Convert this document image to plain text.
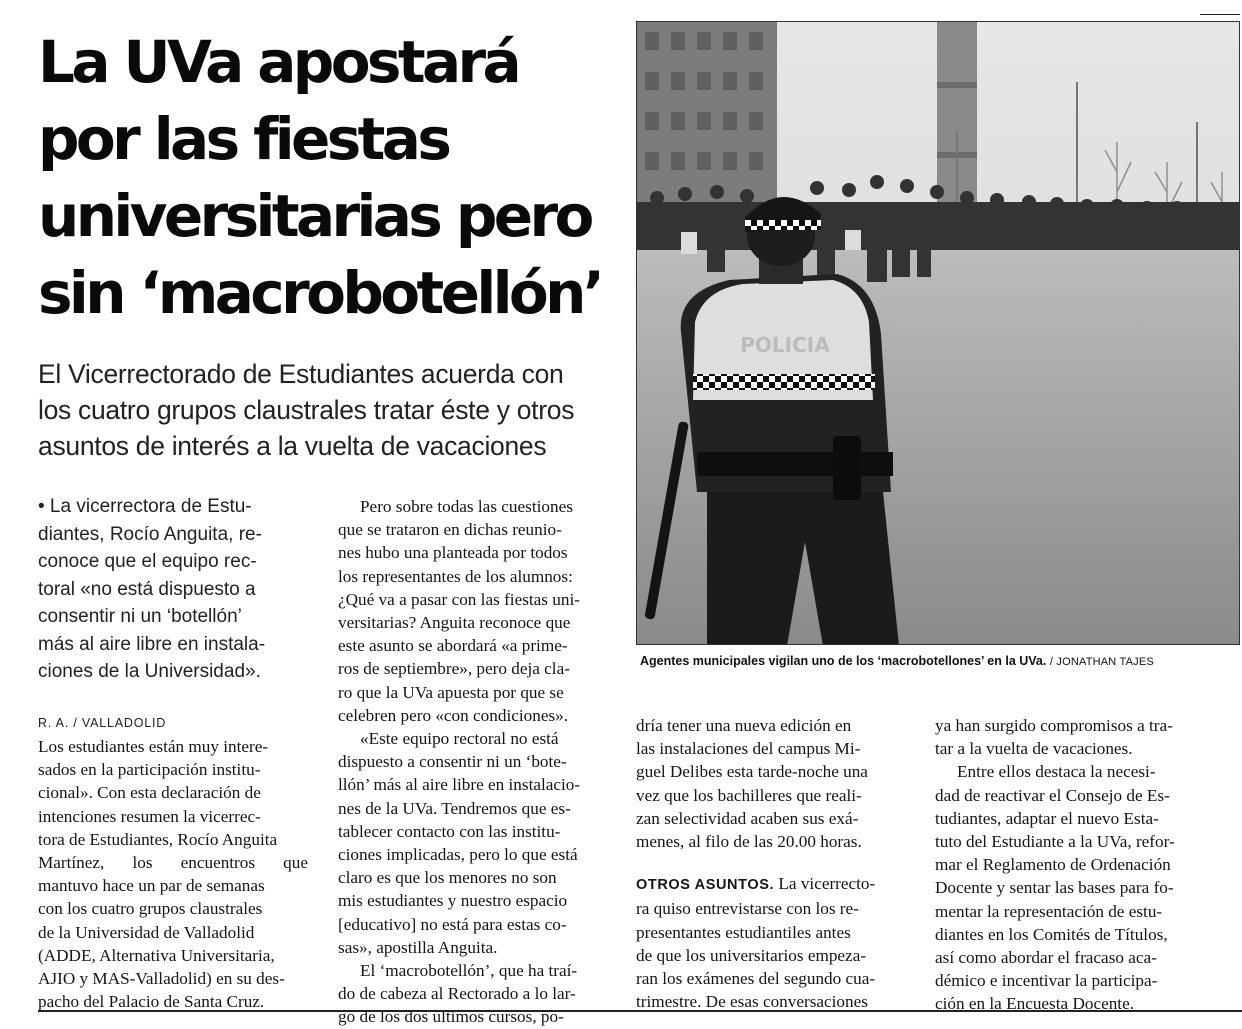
La UVa apostará
por las fiestas
universitarias pero
sin ‘macrobotellón’
El Vicerrectorado de Estudiantes acuerda con
los cuatro grupos claustrales tratar éste y otros
asuntos de interés a la vuelta de vacaciones
POLICIA
Agentes municipales vigilan uno de los ‘macrobotellones’ en la UVa. / JONATHAN TAJES
• La vicerrectora de Estu-
diantes, Rocío Anguita, re-
conoce que el equipo rec-
toral «no está dispuesto a
consentir ni un ‘botellón’
más al aire libre en instala-
ciones de la Universidad».
R. A. / VALLADOLID
Los estudiantes están muy intere-
sados en la participación institu-
cional». Con esta declaración de
intenciones resumen la vicerrec-
tora de Estudiantes, Rocío Anguita
Martínez, los encuentros que
mantuvo hace un par de semanas
con los cuatro grupos claustrales
de la Universidad de Valladolid
(ADDE, Alternativa Universitaria,
AJIO y MAS-Valladolid) en su des-
pacho del Palacio de Santa Cruz.
Pero sobre todas las cuestiones
que se trataron en dichas reunio-
nes hubo una planteada por todos
los representantes de los alumnos:
¿Qué va a pasar con las fiestas uni-
versitarias? Anguita reconoce que
este asunto se abordará «a prime-
ros de septiembre», pero deja cla-
ro que la UVa apuesta por que se
celebren pero «con condiciones».
«Este equipo rectoral no está
dispuesto a consentir ni un ‘bote-
llón’ más al aire libre en instalacio-
nes de la UVa. Tendremos que es-
tablecer contacto con las institu-
ciones implicadas, pero lo que está
claro es que los menores no son
mis estudiantes y nuestro espacio
[educativo] no está para estas co-
sas», apostilla Anguita.
El ‘macrobotellón’, que ha traí-
do de cabeza al Rectorado a lo lar-
go de los dos últimos cursos, po-
dría tener una nueva edición en
las instalaciones del campus Mi-
guel Delibes esta tarde-noche una
vez que los bachilleres que reali-
zan selectividad acaben sus exá-
menes, al filo de las 20.00 horas.
OTROS ASUNTOS. La vicerrecto-
ra quiso entrevistarse con los re-
presentantes estudiantiles antes
de que los universitarios empeza-
ran los exámenes del segundo cua-
trimestre. De esas conversaciones
ya han surgido compromisos a tra-
tar a la vuelta de vacaciones.
Entre ellos destaca la necesi-
dad de reactivar el Consejo de Es-
tudiantes, adaptar el nuevo Esta-
tuto del Estudiante a la UVa, refor-
mar el Reglamento de Ordenación
Docente y sentar las bases para fo-
mentar la representación de estu-
diantes en los Comités de Títulos,
así como abordar el fracaso aca-
démico e incentivar la participa-
ción en la Encuesta Docente.
